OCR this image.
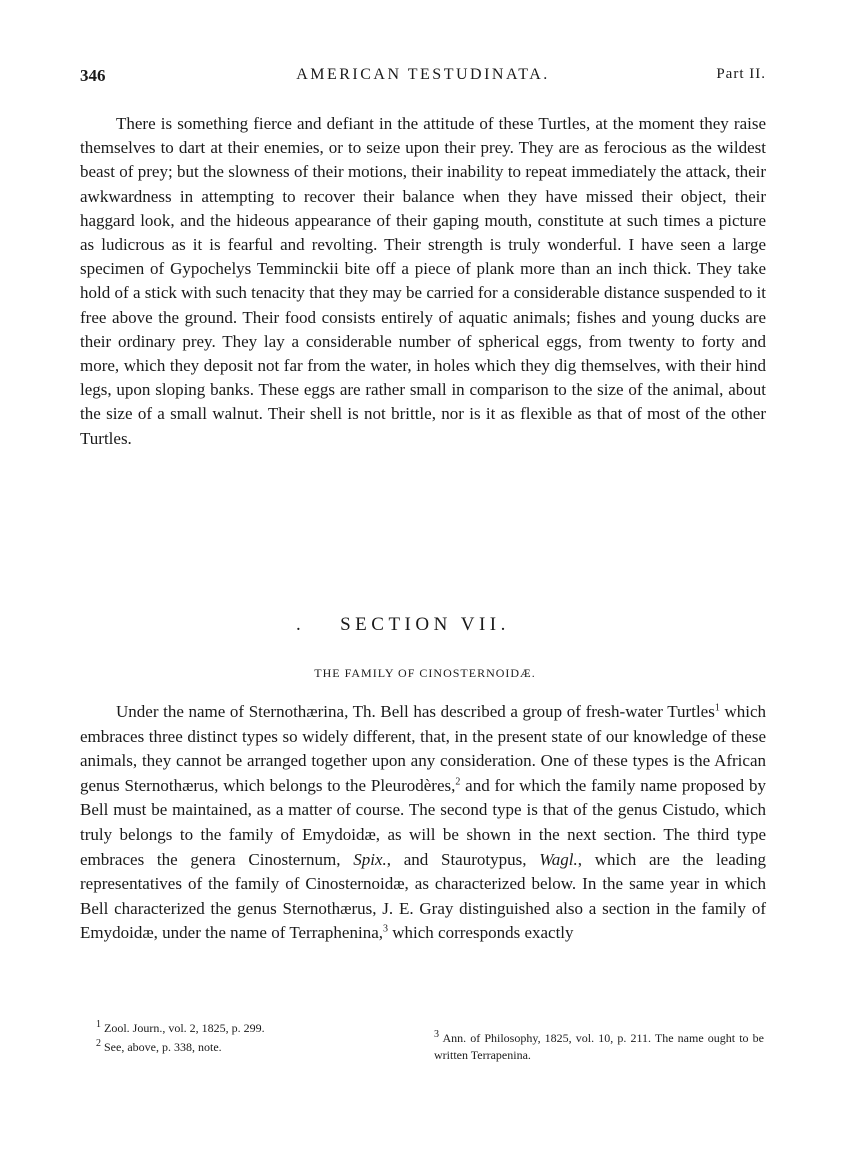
346	AMERICAN TESTUDINATA.	Part II.

There is something fierce and defiant in the attitude of these Turtles, at the moment they raise themselves to dart at their enemies, or to seize upon their prey. They are as ferocious as the wildest beast of prey; but the slowness of their motions, their inability to repeat immediately the attack, their awkwardness in attempting to recover their balance when they have missed their object, their haggard look, and the hideous appearance of their gaping mouth, constitute at such times a picture as ludicrous as it is fearful and revolting. Their strength is truly wonderful. I have seen a large specimen of Gypochelys Temminckii bite off a piece of plank more than an inch thick. They take hold of a stick with such tenacity that they may be carried for a considerable distance suspended to it free above the ground. Their food consists entirely of aquatic animals; fishes and young ducks are their ordinary prey. They lay a considerable number of spherical eggs, from twenty to forty and more, which they deposit not far from the water, in holes which they dig themselves, with their hind legs, upon sloping banks. These eggs are rather small in comparison to the size of the animal, about the size of a small walnut. Their shell is not brittle, nor is it as flexible as that of most of the other Turtles.

.	SECTION VII.
THE FAMILY OF CINOSTERNOIDÆ.

Under the name of Sternothærina, Th. Bell has described a group of fresh-water Turtles$^1$ which embraces three distinct types so widely different, that, in the present state of our knowledge of these animals, they cannot be arranged together upon any consideration. One of these types is the African genus Sternothærus, which belongs to the Pleurodères,$^2$ and for which the family name proposed by Bell must be maintained, as a matter of course. The second type is that of the genus Cistudo, which truly belongs to the family of Emydoidæ, as will be shown in the next section. The third type embraces the genera Cinosternum, Spix., and Staurotypus, Wagl., which are the leading representatives of the family of Cinosternoidæ, as characterized below. In the same year in which Bell characterized the genus Sternothærus, J. E. Gray distinguished also a section in the family of Emydoidæ, under the name of Terraphenina,$^3$ which corresponds exactly

$^1$ Zool. Journ., vol. 2, 1825, p. 299.
$^2$ See, above, p. 338, note.
$^3$ Ann. of Philosophy, 1825, vol. 10, p. 211. The name ought to be written Terrapenina.
